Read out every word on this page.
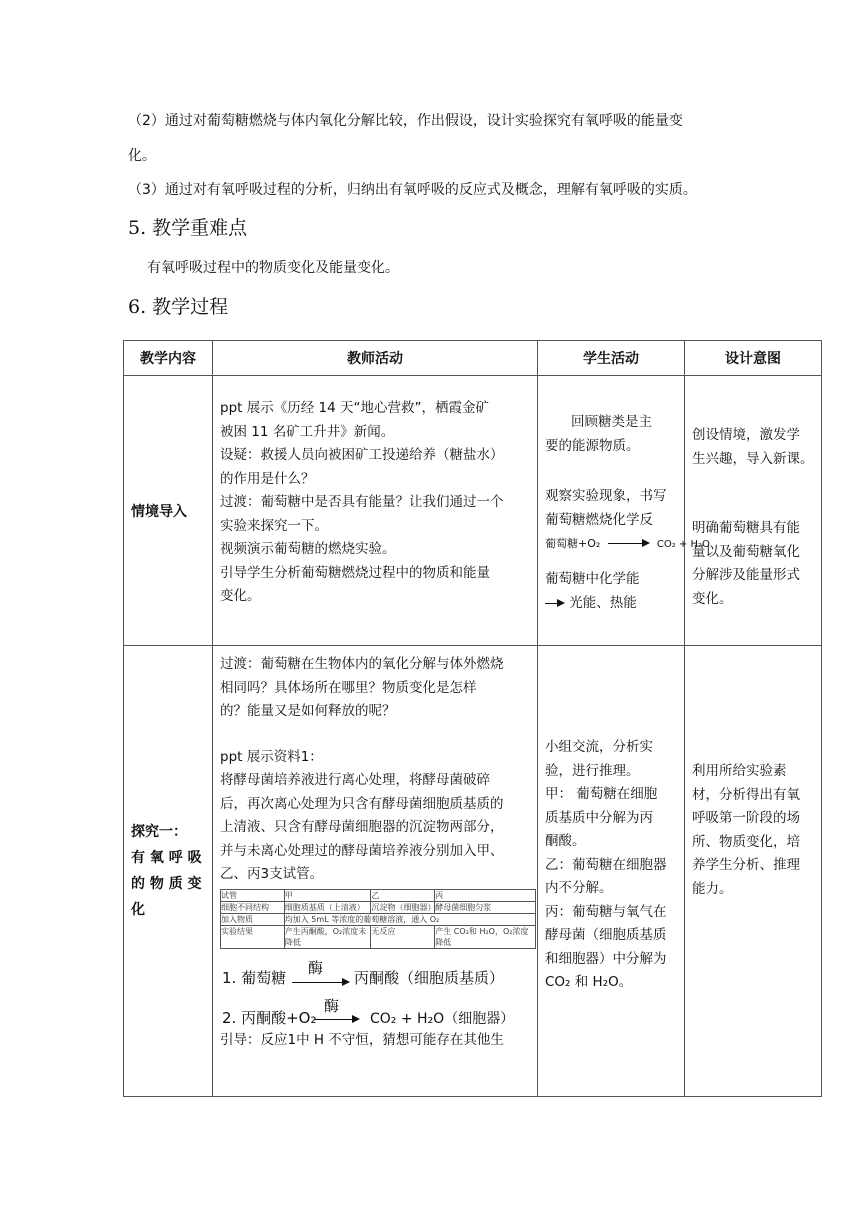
（2）通过对葡萄糖燃烧与体内氧化分解比较，作出假设，设计实验探究有氧呼吸的能量变
化。
（3）通过对有氧呼吸过程的分析，归纳出有氧呼吸的反应式及概念，理解有氧呼吸的实质。
5. 教学重难点
有氧呼吸过程中的物质变化及能量变化。
6. 教学过程
教学内容	教师活动	学生活动	设计意图

情境导入

ppt 展示《历经 14 天“地心营救”，栖霞金矿
被困 11 名矿工升井》新闻。
设疑：救援人员向被困矿工投递给养（糖盐水）
的作用是什么？
过渡：葡萄糖中是否具有能量？让我们通过一个
实验来探究一下。
视频演示葡萄糖的燃烧实验。
引导学生分析葡萄糖燃烧过程中的物质和能量
变化。

回顾糖类是主
要的能源物质。
观察实验现象，书写
葡萄糖燃烧化学反
葡萄糖+O₂	CO₂ + H₂O
葡萄糖中化学能
光能、热能

创设情境，激发学
生兴趣，导入新课。
明确葡萄糖具有能
量以及葡萄糖氧化
分解涉及能量形式
变化。

探究一：
有 氧 呼 吸
的 物 质 变
化

过渡：葡萄糖在生物体内的氧化分解与体外燃烧
相同吗？具体场所在哪里？物质变化是怎样
的？能量又是如何释放的呢？
ppt 展示资料1：
将酵母菌培养液进行离心处理，将酵母菌破碎
后，再次离心处理为只含有酵母菌细胞质基质的
上清液、只含有酵母菌细胞器的沉淀物两部分，
并与未离心处理过的酵母菌培养液分别加入甲、
乙、丙3支试管。
试管	甲	乙	丙
细胞不同结构	细胞质基质（上清液）	沉淀物（细胞器）	酵母菌细胞匀浆
加入物质	均加入 5mL 等浓度的葡萄糖溶液，通入 O₂
实验结果	产生丙酮酸，O₂浓度未降低	无反应	产生 CO₂和 H₂O，O₂浓度降低
1. 葡萄糖
酶
丙酮酸（细胞质基质）
2. 丙酮酸+O₂
酶
CO₂ + H₂O（细胞器）
引导：反应1中 H 不守恒，猜想可能存在其他生

小组交流，分析实
验，进行推理。
甲： 葡萄糖在细胞
质基质中分解为丙
酮酸。
乙：葡萄糖在细胞器
内不分解。
丙：葡萄糖与氧气在
酵母菌（细胞质基质
和细胞器）中分解为
CO₂ 和 H₂O。

利用所给实验素
材，分析得出有氧
呼吸第一阶段的场
所、物质变化，培
养学生分析、推理
能力。
